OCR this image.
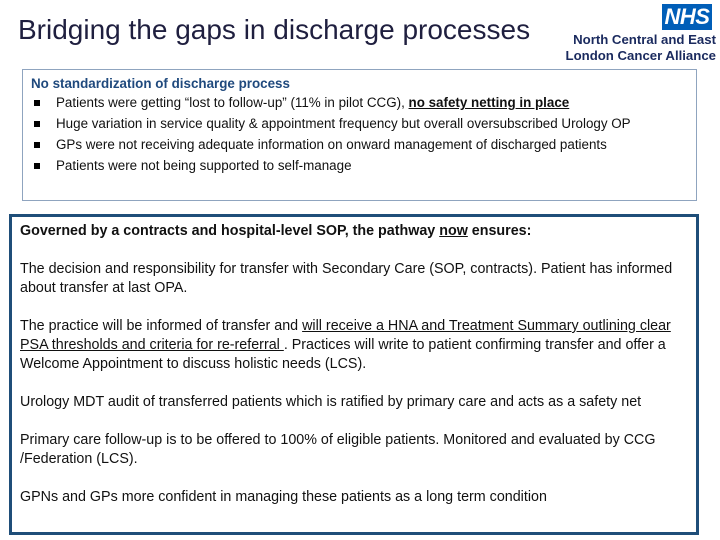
Bridging the gaps in discharge processes	NHS
North Central and East
London Cancer Alliance
No standardization of discharge process
Patients were getting “lost to follow-up” (11% in pilot CCG), no safety netting in place
Huge variation in service quality & appointment frequency but overall oversubscribed Urology OP
GPs were not receiving adequate information on onward management of discharged patients
Patients were not being supported to self-manage

Governed by a contracts and hospital-level SOP, the pathway now ensures:

The decision and responsibility for transfer with Secondary Care (SOP, contracts). Patient has informed about transfer at last OPA.

The practice will be informed of transfer and will receive a HNA and Treatment Summary outlining clear PSA thresholds and criteria for re-referral . Practices will write to patient confirming transfer and offer a Welcome Appointment to discuss holistic needs (LCS).

Urology MDT audit of transferred patients which is ratified by primary care and acts as a safety net

Primary care follow-up is to be offered to 100% of eligible patients. Monitored and evaluated by CCG /Federation (LCS).

GPNs and GPs more confident in managing these patients as a long term condition
